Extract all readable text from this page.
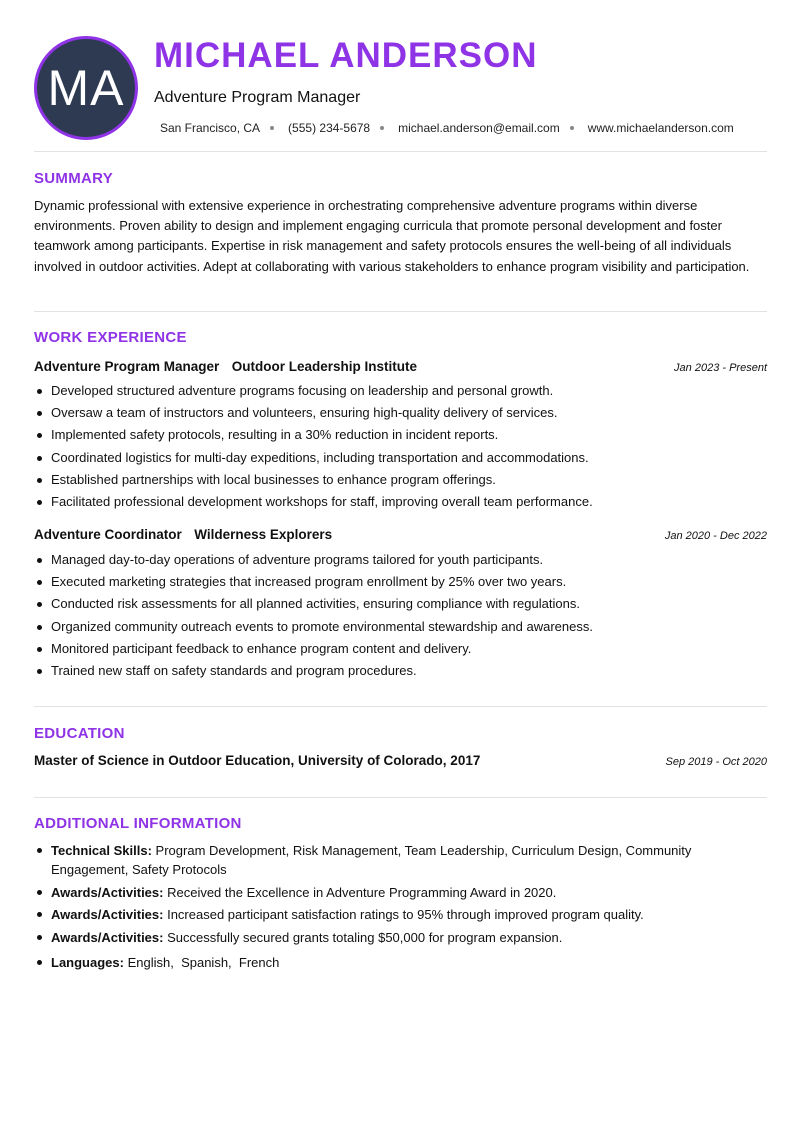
MA
MICHAEL ANDERSON
Adventure Program Manager
San Francisco, CA (555) 234-5678 michael.anderson@email.com www.michaelanderson.com
SUMMARY

Dynamic professional with extensive experience in orchestrating comprehensive adventure programs within diverse environments. Proven ability to design and implement engaging curricula that promote personal development and foster teamwork among participants. Expertise in risk management and safety protocols ensures the well-being of all individuals involved in outdoor activities. Adept at collaborating with various stakeholders to enhance program visibility and participation.

WORK EXPERIENCE
Adventure Program Manager Outdoor Leadership Institute	Jan 2023 - Present
Developed structured adventure programs focusing on leadership and personal growth.
Oversaw a team of instructors and volunteers, ensuring high-quality delivery of services.
Implemented safety protocols, resulting in a 30% reduction in incident reports.
Coordinated logistics for multi-day expeditions, including transportation and accommodations.
Established partnerships with local businesses to enhance program offerings.
Facilitated professional development workshops for staff, improving overall team performance.
Adventure Coordinator Wilderness Explorers	Jan 2020 - Dec 2022
Managed day-to-day operations of adventure programs tailored for youth participants.
Executed marketing strategies that increased program enrollment by 25% over two years.
Conducted risk assessments for all planned activities, ensuring compliance with regulations.
Organized community outreach events to promote environmental stewardship and awareness.
Monitored participant feedback to enhance program content and delivery.
Trained new staff on safety standards and program procedures.
EDUCATION
Master of Science in Outdoor Education, University of Colorado, 2017	Sep 2019 - Oct 2020
ADDITIONAL INFORMATION
Technical Skills: Program Development, Risk Management, Team Leadership, Curriculum Design, Community Engagement, Safety Protocols
Awards/Activities: Received the Excellence in Adventure Programming Award in 2020.
Awards/Activities: Increased participant satisfaction ratings to 95% through improved program quality.
Awards/Activities: Successfully secured grants totaling $50,000 for program expansion.
Languages: English,  Spanish,  French
